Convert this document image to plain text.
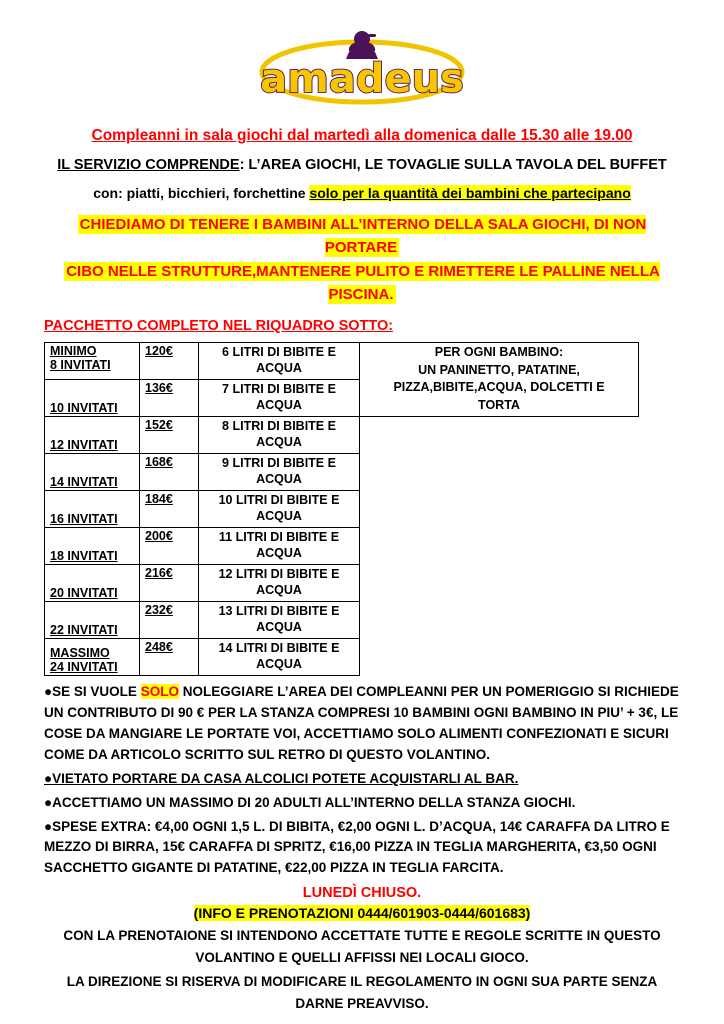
amadeus
Compleanni in sala giochi dal martedì alla domenica dalle 15.30 alle 19.00
IL SERVIZIO COMPRENDE: L’AREA GIOCHI, LE TOVAGLIE SULLA TAVOLA DEL BUFFET
con: piatti, bicchieri, forchettine solo per la quantità dei bambini che partecipano
CHIEDIAMO DI TENERE I BAMBINI ALL’INTERNO DELLA SALA GIOCHI, DI NON PORTARE
CIBO NELLE STRUTTURE,MANTENERE PULITO E RIMETTERE LE PALLINE NELLA PISCINA.
PACCHETTO COMPLETO NEL RIQUADRO SOTTO:
MINIMO
8 INVITATI	120€	6 LITRI DI BIBITE E ACQUA	PER OGNI BAMBINO:
UN PANINETTO, PATATINE,
PIZZA,BIBITE,ACQUA, DOLCETTI E
TORTA

10 INVITATI	136€	7 LITRI DI BIBITE E ACQUA	

12 INVITATI	152€	8 LITRI DI BIBITE E ACQUA	

14 INVITATI	168€	9 LITRI DI BIBITE E ACQUA	

16 INVITATI	184€	10 LITRI DI BIBITE E ACQUA	

18 INVITATI	200€	11 LITRI DI BIBITE E ACQUA	

20 INVITATI	216€	12 LITRI DI BIBITE E ACQUA	

22 INVITATI	232€	13 LITRI DI BIBITE E ACQUA	

MASSIMO
24 INVITATI	248€	14 LITRI DI BIBITE E ACQUA	

●SE SI VUOLE SOLO NOLEGGIARE L’AREA DEI COMPLEANNI PER UN POMERIGGIO SI RICHIEDE UN CONTRIBUTO DI 90 € PER LA STANZA COMPRESI 10 BAMBINI OGNI BAMBINO IN PIU’ + 3€, LE COSE DA MANGIARE LE PORTATE VOI, ACCETTIAMO SOLO ALIMENTI CONFEZIONATI E SICURI COME DA ARTICOLO SCRITTO SUL RETRO DI QUESTO VOLANTINO.

●VIETATO PORTARE DA CASA ALCOLICI POTETE ACQUISTARLI AL BAR.

●ACCETTIAMO UN MASSIMO DI 20 ADULTI ALL’INTERNO DELLA STANZA GIOCHI.

●SPESE EXTRA: €4,00 OGNI 1,5 L. DI BIBITA, €2,00 OGNI L. D’ACQUA, 14€ CARAFFA DA LITRO E MEZZO DI BIRRA, 15€ CARAFFA DI SPRITZ, €16,00 PIZZA IN TEGLIA MARGHERITA, €3,50 OGNI SACCHETTO GIGANTE DI PATATINE, €22,00 PIZZA IN TEGLIA FARCITA.

LUNEDÌ CHIUSO.
(INFO E PRENOTAZIONI 0444/601903-0444/601683)
CON LA PRENOTAIONE SI INTENDONO ACCETTATE TUTTE E REGOLE SCRITTE IN QUESTO VOLANTINO E QUELLI AFFISSI NEI LOCALI GIOCO.
LA DIREZIONE SI RISERVA DI MODIFICARE IL REGOLAMENTO IN OGNI SUA PARTE SENZA DARNE PREAVVISO.
